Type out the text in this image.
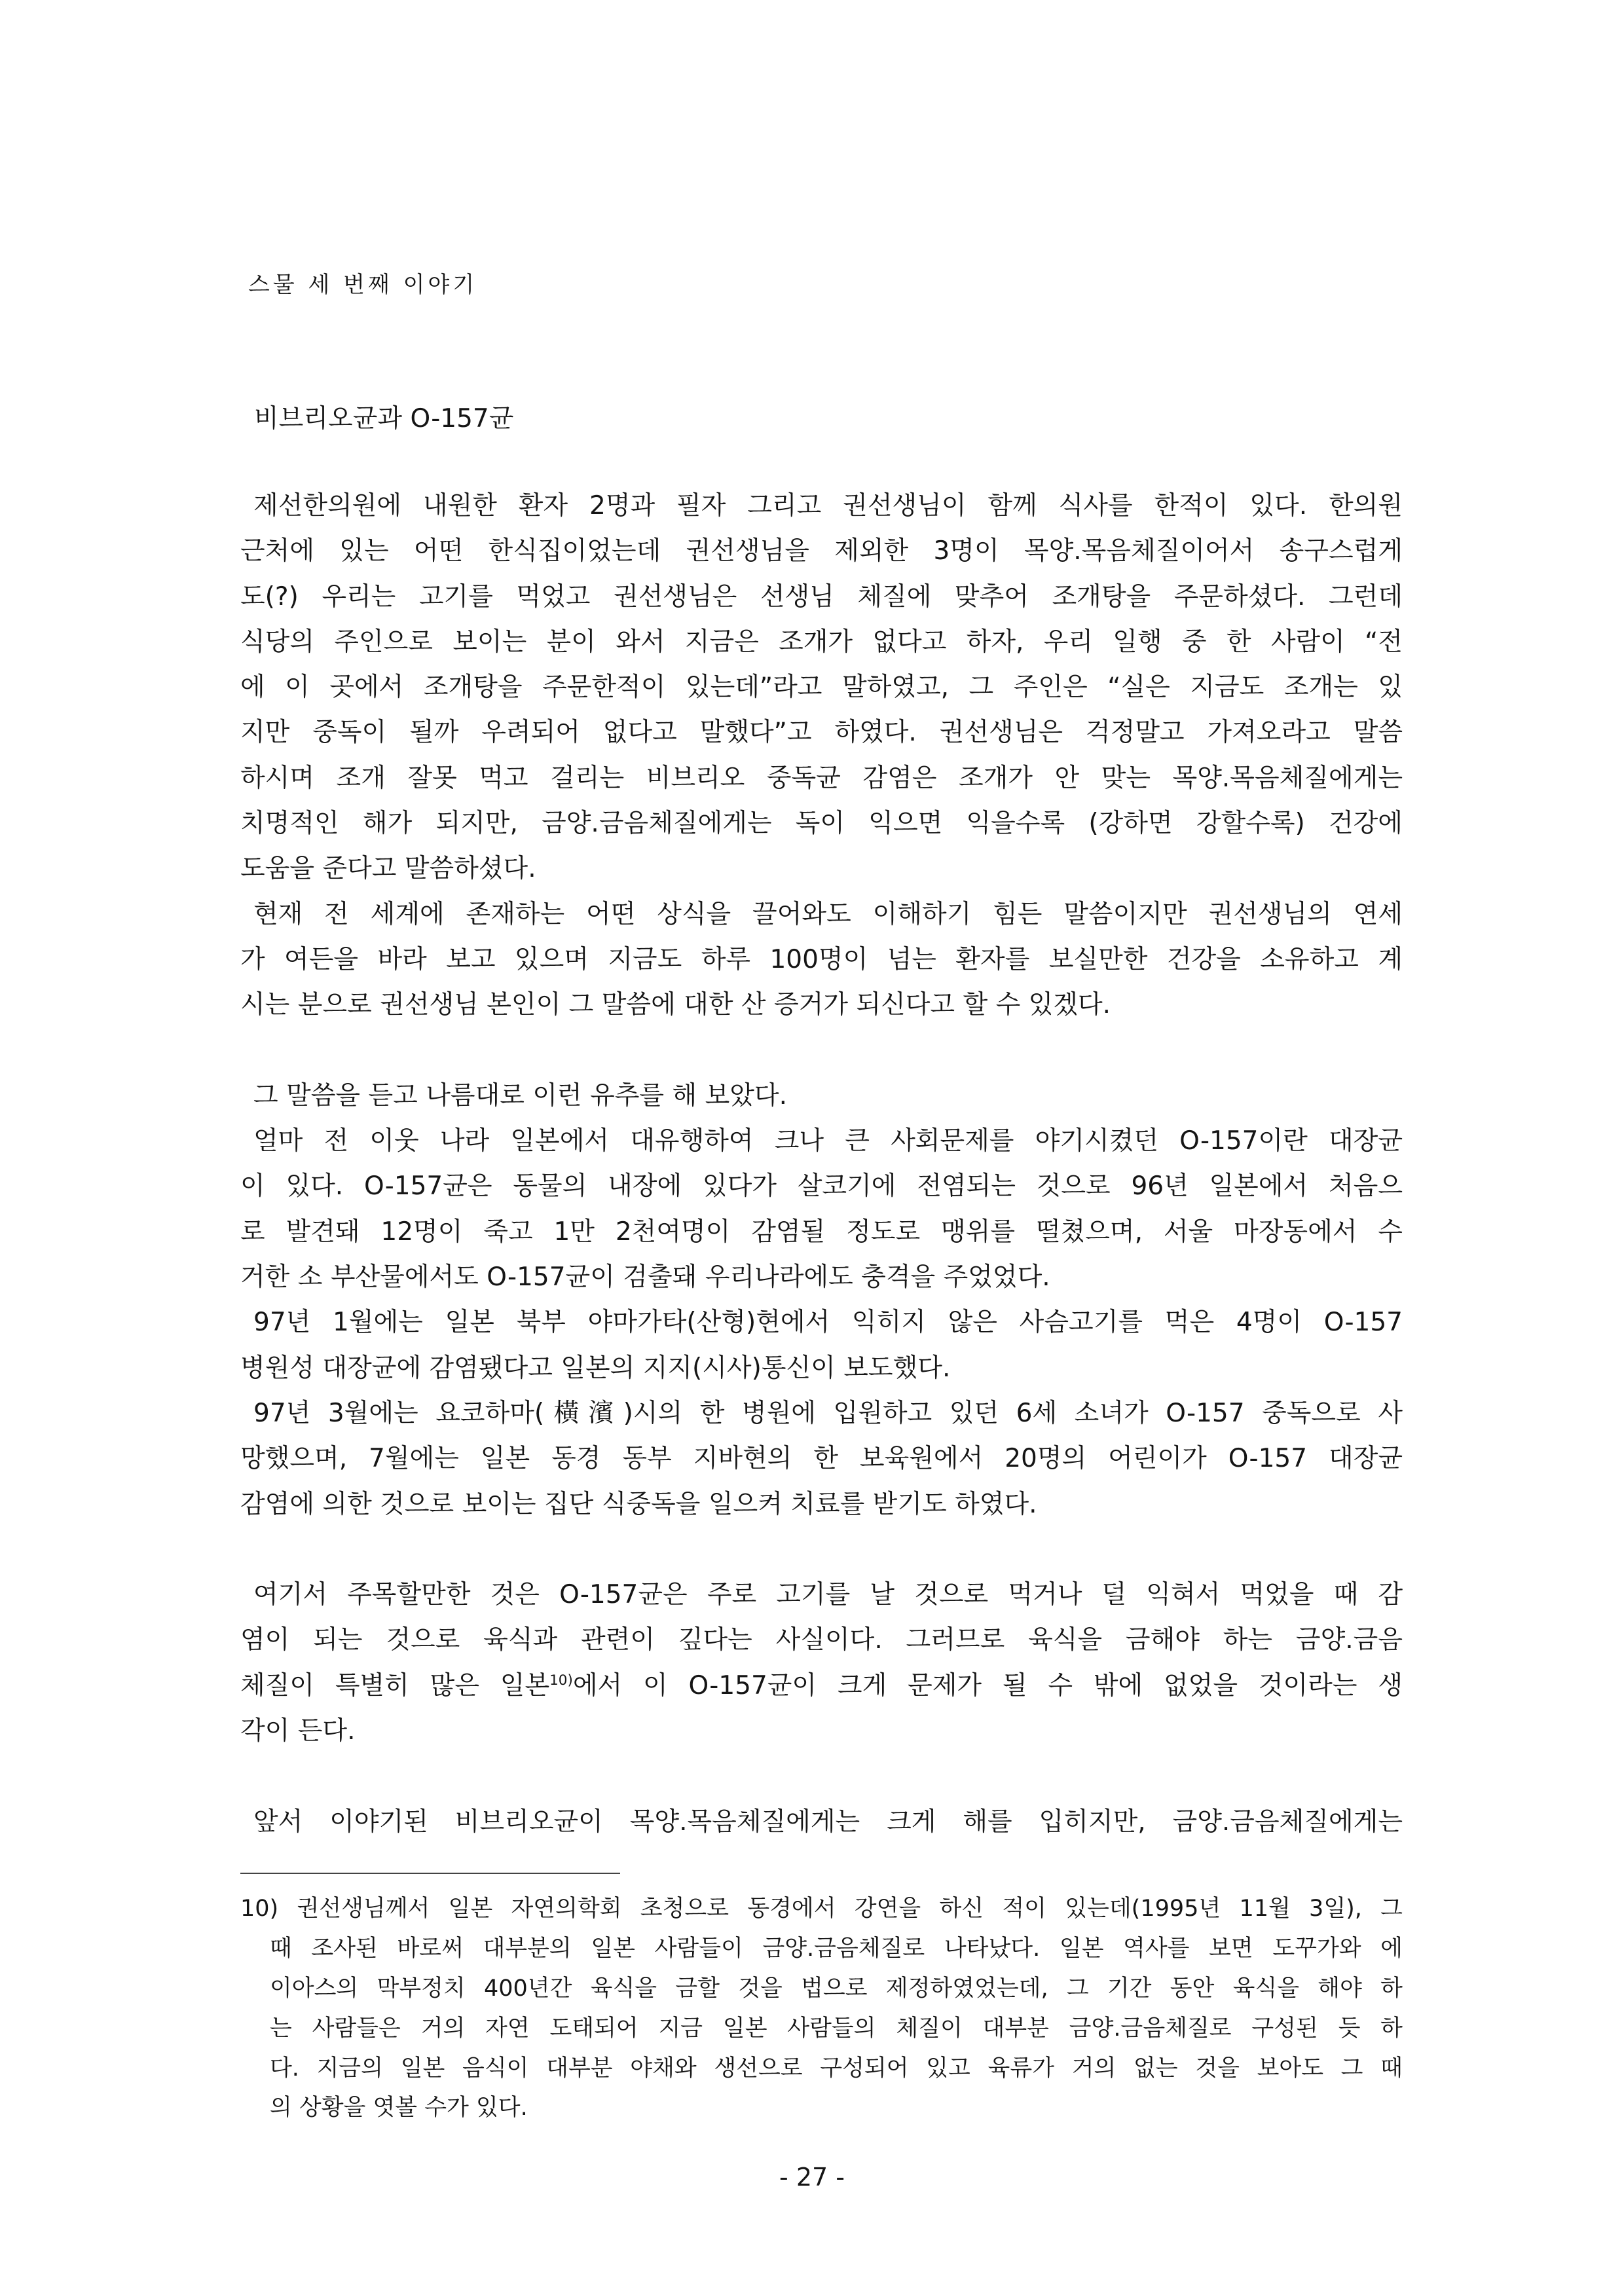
스물 세 번째 이야기
비브리오균과 O-157균
제선한의원에 내원한 환자 2명과 필자 그리고 권선생님이 함께 식사를 한적이 있다. 한의원
근처에 있는 어떤 한식집이었는데 권선생님을 제외한 3명이 목양.목음체질이어서 송구스럽게
도(?) 우리는 고기를 먹었고 권선생님은 선생님 체질에 맞추어 조개탕을 주문하셨다. 그런데
식당의 주인으로 보이는 분이 와서 지금은 조개가 없다고 하자, 우리 일행 중 한 사람이 “전
에 이 곳에서 조개탕을 주문한적이 있는데”라고 말하였고, 그 주인은 “실은 지금도 조개는 있
지만 중독이 될까 우려되어 없다고 말했다”고 하였다. 권선생님은 걱정말고 가져오라고 말씀
하시며 조개 잘못 먹고 걸리는 비브리오 중독균 감염은 조개가 안 맞는 목양.목음체질에게는
치명적인 해가 되지만, 금양.금음체질에게는 독이 익으면 익을수록 (강하면 강할수록) 건강에
도움을 준다고 말씀하셨다.
현재 전 세계에 존재하는 어떤 상식을 끌어와도 이해하기 힘든 말씀이지만 권선생님의 연세
가 여든을 바라 보고 있으며 지금도 하루 100명이 넘는 환자를 보실만한 건강을 소유하고 계
시는 분으로 권선생님 본인이 그 말씀에 대한 산 증거가 되신다고 할 수 있겠다.
그 말씀을 듣고 나름대로 이런 유추를 해 보았다.
얼마 전 이웃 나라 일본에서 대유행하여 크나 큰 사회문제를 야기시켰던 O-157이란 대장균
이 있다. O-157균은 동물의 내장에 있다가 살코기에 전염되는 것으로 96년 일본에서 처음으
로 발견돼 12명이 죽고 1만 2천여명이 감염될 정도로 맹위를 떨쳤으며, 서울 마장동에서 수
거한 소 부산물에서도 O-157균이 검출돼 우리나라에도 충격을 주었었다.
97년 1월에는 일본 북부 야마가타(산형)현에서 익히지 않은 사슴고기를 먹은 4명이 O-157
병원성 대장균에 감염됐다고 일본의 지지(시사)통신이 보도했다.
97년 3월에는 요코하마(橫濱)시의 한 병원에 입원하고 있던 6세 소녀가 O-157 중독으로 사
망했으며, 7월에는 일본 동경 동부 지바현의 한 보육원에서 20명의 어린이가 O-157 대장균
감염에 의한 것으로 보이는 집단 식중독을 일으켜 치료를 받기도 하였다.
여기서 주목할만한 것은 O-157균은 주로 고기를 날 것으로 먹거나 덜 익혀서 먹었을 때 감
염이 되는 것으로 육식과 관련이 깊다는 사실이다. 그러므로 육식을 금해야 하는 금양.금음
체질이 특별히 많은 일본$^{10)}$에서 이 O-157균이 크게 문제가 될 수 밖에 없었을 것이라는 생
각이 든다.
앞서 이야기된 비브리오균이 목양.목음체질에게는 크게 해를 입히지만, 금양.금음체질에게는
10) 권선생님께서 일본 자연의학회 초청으로 동경에서 강연을 하신 적이 있는데(1995년 11월 3일), 그
때 조사된 바로써 대부분의 일본 사람들이 금양.금음체질로 나타났다. 일본 역사를 보면 도꾸가와 에
이아스의 막부정치 400년간 육식을 금할 것을 법으로 제정하였었는데, 그 기간 동안 육식을 해야 하
는 사람들은 거의 자연 도태되어 지금 일본 사람들의 체질이 대부분 금양.금음체질로 구성된 듯 하
다. 지금의 일본 음식이 대부분 야채와 생선으로 구성되어 있고 육류가 거의 없는 것을 보아도 그 때
의 상황을 엿볼 수가 있다.
- 27 -
